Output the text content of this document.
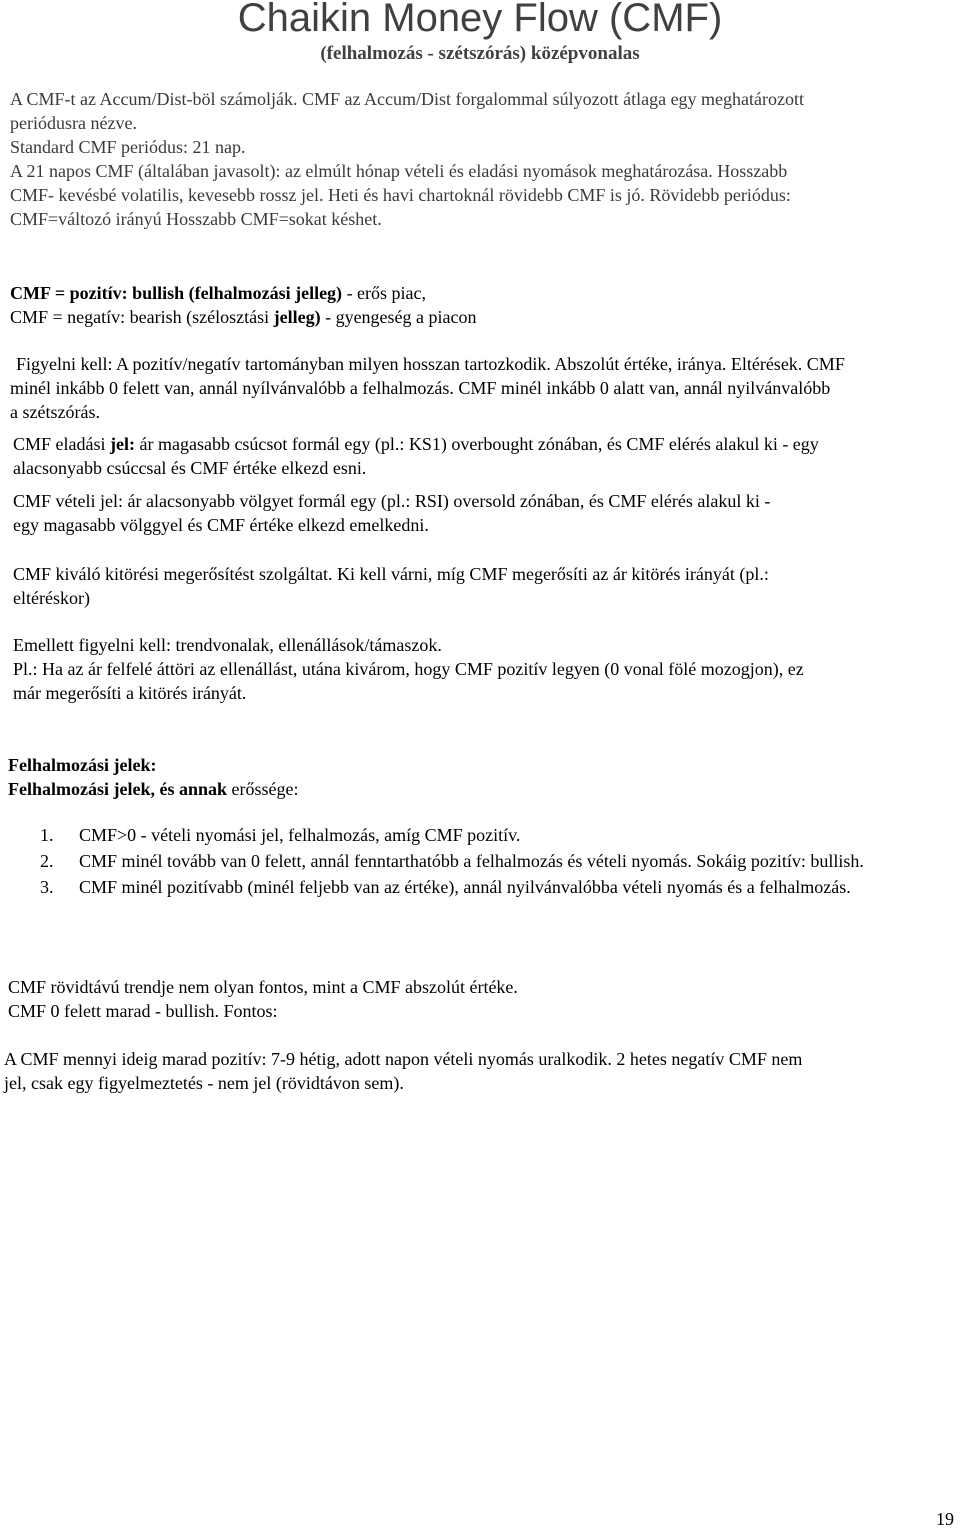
Chaikin Money Flow (CMF)
(felhalmozás - szétszórás) középvonalas
A CMF-t az Accum/Dist-böl számolják. CMF az Accum/Dist forgalommal súlyozott átlaga egy meghatározott
periódusra nézve.
Standard CMF periódus: 21 nap.
A 21 napos CMF (általában javasolt): az elmúlt hónap vételi és eladási nyomások meghatározása. Hosszabb
CMF- kevésbé volatilis, kevesebb rossz jel. Heti és havi chartoknál rövidebb CMF is jó. Rövidebb periódus:
CMF=változó irányú Hosszabb CMF=sokat késhet.
CMF = pozitív: bullish (felhalmozási jelleg) - erős piac,
CMF = negatív: bearish (szélosztási jelleg) - gyengeség a piacon
Figyelni kell: A pozitív/negatív tartományban milyen hosszan tartozkodik. Abszolút értéke, iránya. Eltérések. CMF
minél inkább 0 felett van, annál nyílvánvalóbb a felhalmozás. CMF minél inkább 0 alatt van, annál nyilvánvalóbb
a szétszórás.
CMF eladási jel: ár magasabb csúcsot formál egy (pl.: KS1) overbought zónában, és CMF elérés alakul ki - egy
alacsonyabb csúccsal és CMF értéke elkezd esni.
CMF vételi jel: ár alacsonyabb völgyet formál egy (pl.: RSI) oversold zónában, és CMF elérés alakul ki -
egy magasabb völggyel és CMF értéke elkezd emelkedni.
CMF kiváló kitörési megerősítést szolgáltat. Ki kell várni, míg CMF megerősíti az ár kitörés irányát (pl.:
eltéréskor)
Emellett figyelni kell: trendvonalak, ellenállások/támaszok.
Pl.: Ha az ár felfelé áttöri az ellenállást, utána kivárom, hogy CMF pozitív legyen (0 vonal fölé mozogjon), ez
már megerősíti a kitörés irányát.
Felhalmozási jelek:
Felhalmozási jelek, és annak erőssége:
1. CMF>0 - vételi nyomási jel, felhalmozás, amíg CMF pozitív.
2. CMF minél tovább van 0 felett, annál fenntarthatóbb a felhalmozás és vételi nyomás. Sokáig pozitív: bullish.
3. CMF minél pozitívabb (minél feljebb van az értéke), annál nyilvánvalóbba vételi nyomás és a felhalmozás.
CMF rövidtávú trendje nem olyan fontos, mint a CMF abszolút értéke.
CMF 0 felett marad - bullish. Fontos:
A CMF mennyi ideig marad pozitív: 7-9 hétig, adott napon vételi nyomás uralkodik. 2 hetes negatív CMF nem
jel, csak egy figyelmeztetés - nem jel (rövidtávon sem).
19
